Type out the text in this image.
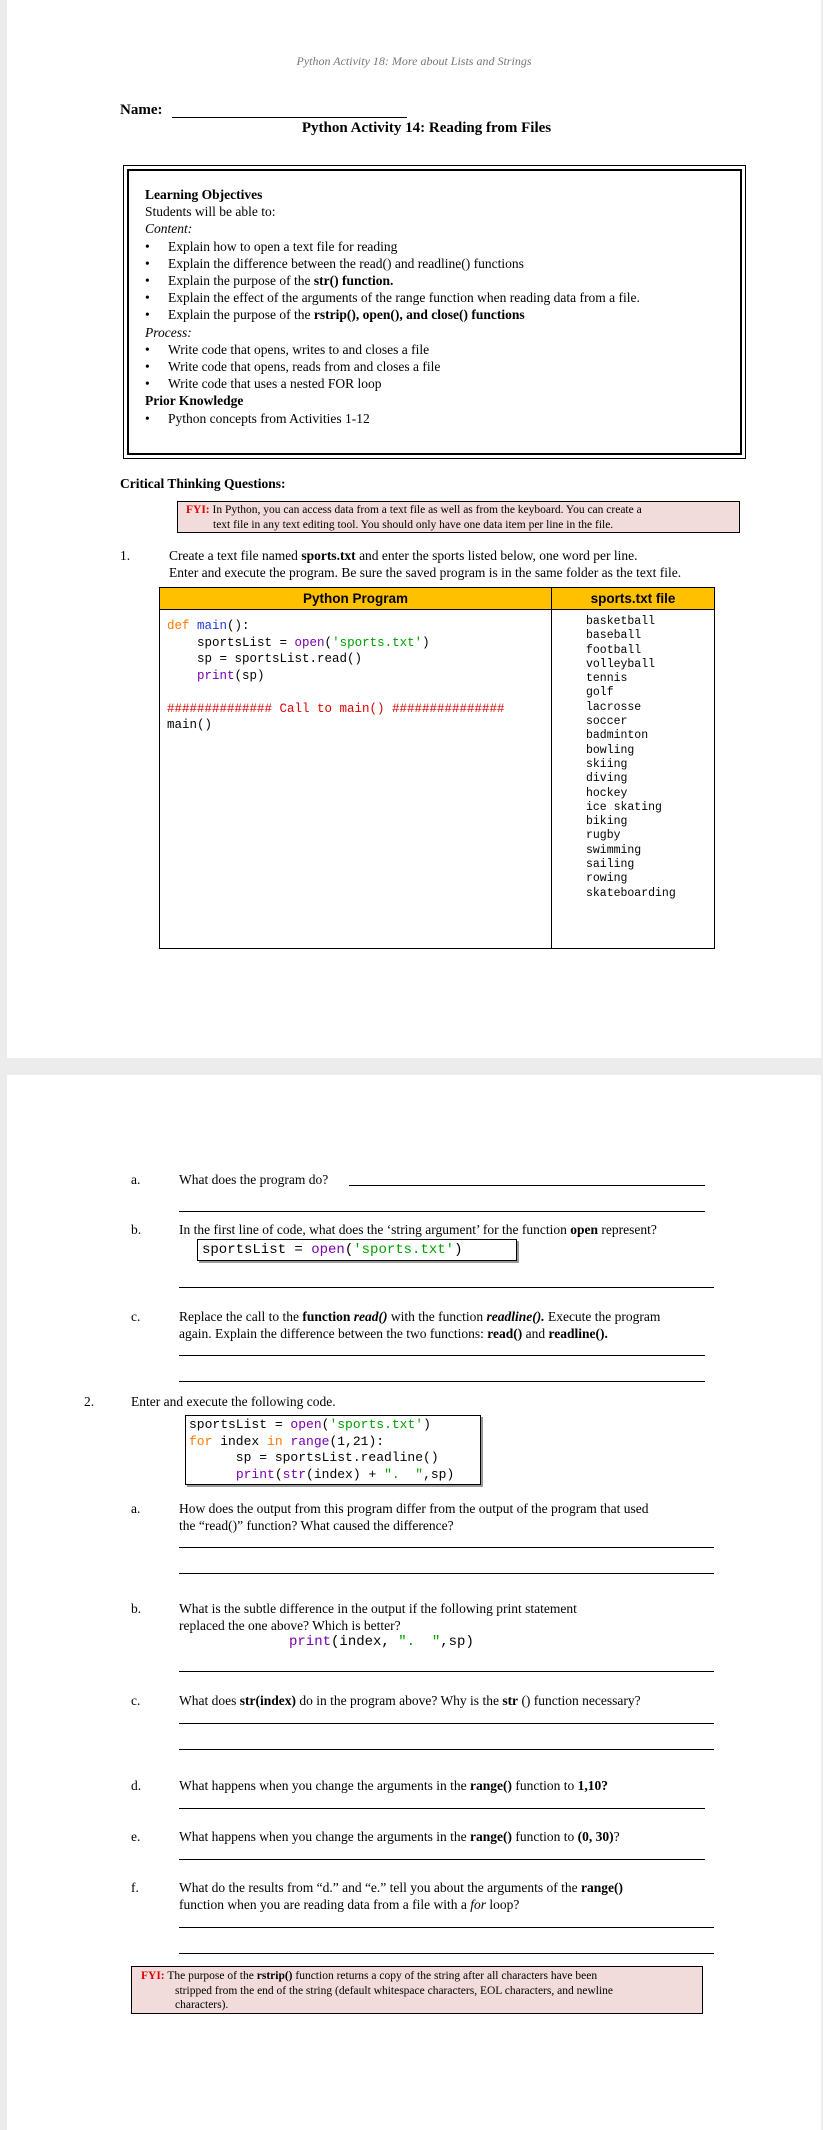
Python Activity 18: More about Lists and Strings
Name:
Python Activity 14: Reading from Files
Learning Objectives
Students will be able to:
Content:
• Explain how to open a text file for reading
• Explain the difference between the read() and readline() functions
• Explain the purpose of the str() function.
• Explain the effect of the arguments of the range function when reading data from a file.
• Explain the purpose of the rstrip(), open(), and close() functions
Process:
• Write code that opens, writes to and closes a file
• Write code that opens, reads from and closes a file
• Write code that uses a nested FOR loop
Prior Knowledge
• Python concepts from Activities 1-12
Critical Thinking Questions:
FYI: In Python, you can access data from a text file as well as from the keyboard. You can create a
text file in any text editing tool. You should only have one data item per line in the file.
1.	Create a text file named sports.txt and enter the sports listed below, one word per line.
Enter and execute the program. Be sure the saved program is in the same folder as the text file.
Python Program	sports.txt file
def main():
sportsList = open('sports.txt')
sp = sportsList.read()
print(sp)

############## Call to main() ###############
main()
basketball
baseball
football
volleyball
tennis
golf
lacrosse
soccer
badminton
bowling
skiing
diving
hockey
ice skating
biking
rugby
swimming
sailing
rowing
skateboarding
a.	What does the program do?
b.	In the first line of code, what does the ‘string argument’ for the function open represent?
sportsList = open('sports.txt')
c.	Replace the call to the function read() with the function readline(). Execute the program
again. Explain the difference between the two functions: read() and readline().
2.	Enter and execute the following code.
sportsList = open('sports.txt')
for index in range(1,21):
sp = sportsList.readline()
print(str(index) + ".  ",sp)
a.	How does the output from this program differ from the output of the program that used
the “read()” function? What caused the difference?
b.	What is the subtle difference in the output if the following print statement
replaced the one above? Which is better?
print(index, ".  ",sp)
c.	What does str(index) do in the program above? Why is the str () function necessary?
d.	What happens when you change the arguments in the range() function to 1,10?
e.	What happens when you change the arguments in the range() function to (0, 30)?
f.	What do the results from “d.” and “e.” tell you about the arguments of the range()
function when you are reading data from a file with a for loop?
FYI: The purpose of the rstrip() function returns a copy of the string after all characters have been
stripped from the end of the string (default whitespace characters, EOL characters, and newline
characters).
